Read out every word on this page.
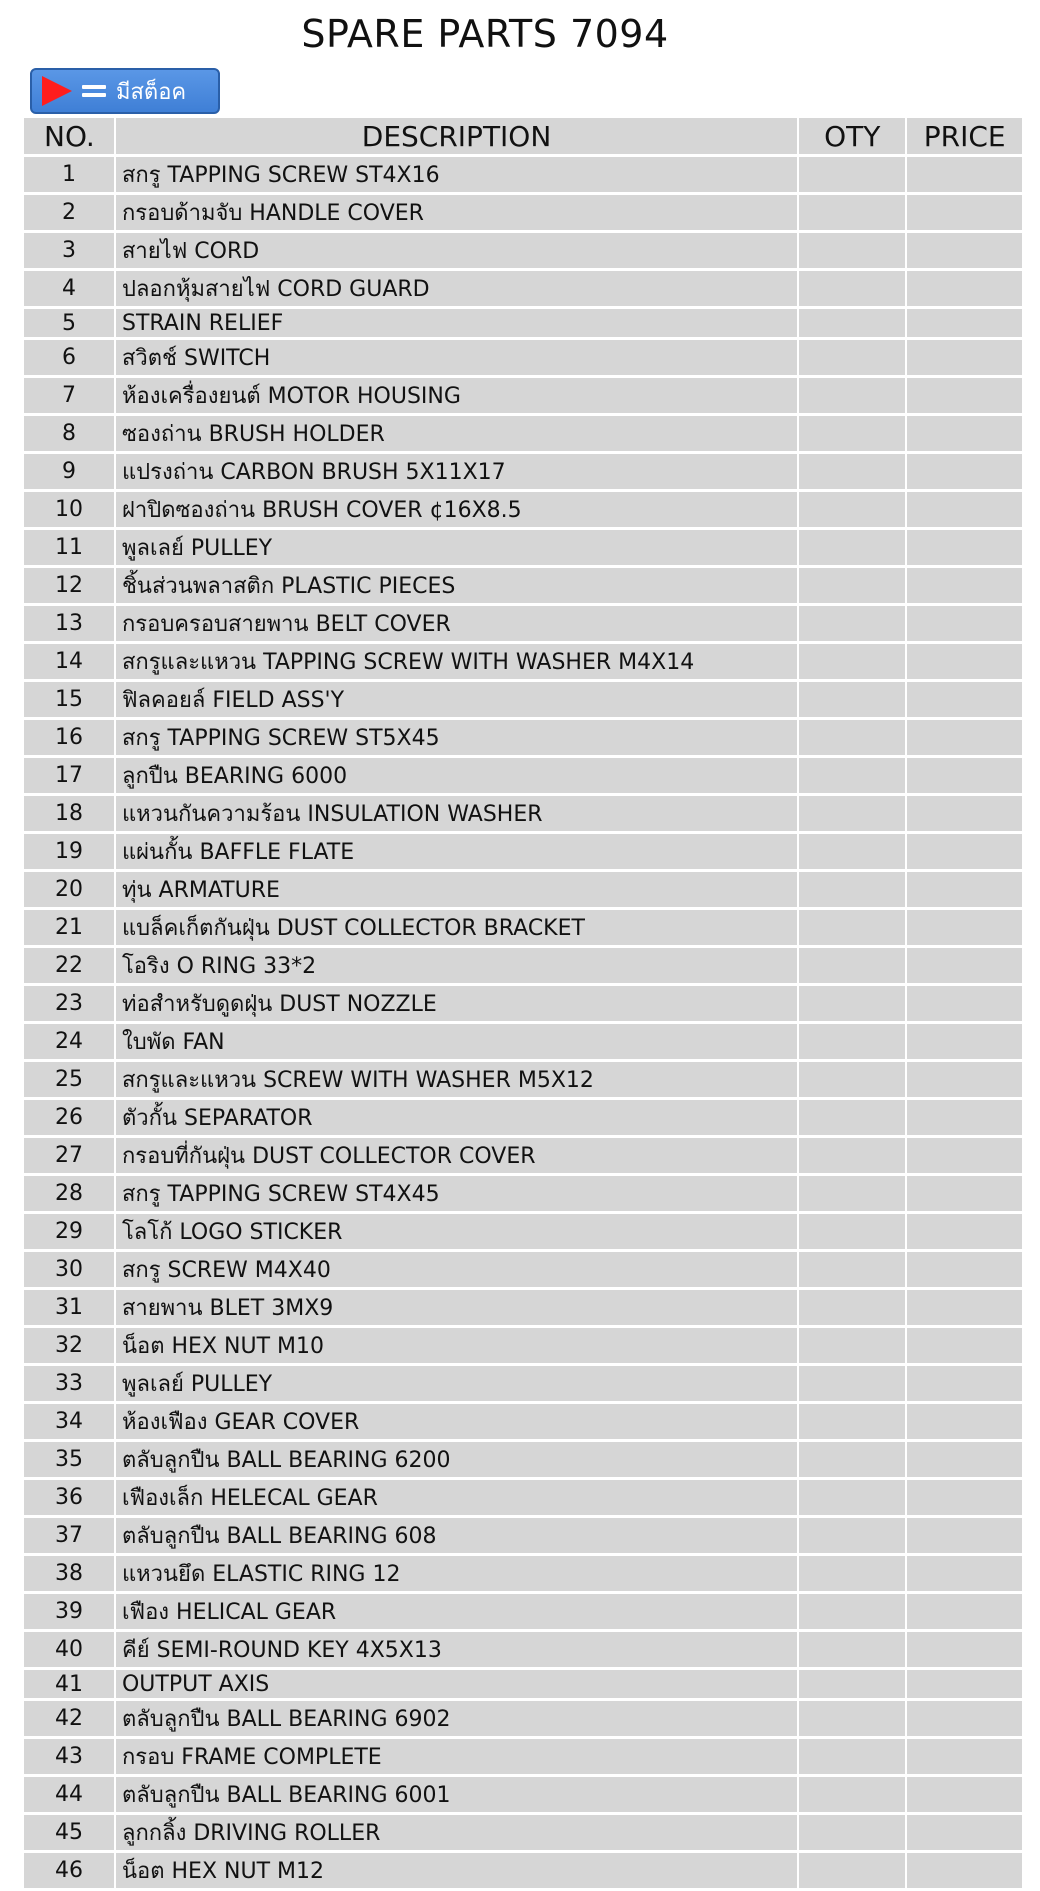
SPARE PARTS 7094
มีสต็อค
NO.	DESCRIPTION	OTY	PRICE
1	สกรู TAPPING SCREW ST4X16		
2	กรอบด้ามจับ HANDLE COVER		
3	สายไฟ CORD		
4	ปลอกหุ้มสายไฟ CORD GUARD		
5	STRAIN RELIEF		
6	สวิตช์ SWITCH		
7	ห้องเครื่องยนต์ MOTOR HOUSING		
8	ซองถ่าน BRUSH HOLDER		
9	แปรงถ่าน CARBON BRUSH 5X11X17		
10	ฝาปิดซองถ่าน BRUSH COVER ¢16X8.5		
11	พูลเลย์ PULLEY		
12	ชิ้นส่วนพลาสติก PLASTIC PIECES		
13	กรอบครอบสายพาน BELT COVER		
14	สกรูและแหวน TAPPING SCREW WITH WASHER M4X14		
15	ฟิลคอยล์ FIELD ASS'Y		
16	สกรู TAPPING SCREW ST5X45		
17	ลูกปืน BEARING 6000		
18	แหวนกันความร้อน INSULATION WASHER		
19	แผ่นกั้น BAFFLE FLATE		
20	ทุ่น ARMATURE		
21	แบล็คเก็ตกันฝุ่น DUST COLLECTOR BRACKET		
22	โอริง O RING 33*2		
23	ท่อสำหรับดูดฝุ่น DUST NOZZLE		
24	ใบพัด FAN		
25	สกรูและแหวน SCREW WITH WASHER M5X12		
26	ตัวกั้น SEPARATOR		
27	กรอบที่กันฝุ่น DUST COLLECTOR COVER		
28	สกรู TAPPING SCREW ST4X45		
29	โลโก้ LOGO STICKER		
30	สกรู SCREW M4X40		
31	สายพาน BLET 3MX9		
32	น็อต HEX NUT M10		
33	พูลเลย์ PULLEY		
34	ห้องเฟือง GEAR COVER		
35	ตลับลูกปืน BALL BEARING 6200		
36	เฟืองเล็ก HELECAL GEAR		
37	ตลับลูกปืน BALL BEARING 608		
38	แหวนยึด ELASTIC RING 12		
39	เฟือง HELICAL GEAR		
40	คีย์ SEMI-ROUND KEY 4X5X13		
41	OUTPUT AXIS		
42	ตลับลูกปืน BALL BEARING 6902		
43	กรอบ FRAME COMPLETE		
44	ตลับลูกปืน BALL BEARING 6001		
45	ลูกกลิ้ง DRIVING ROLLER		
46	น็อต HEX NUT M12		
